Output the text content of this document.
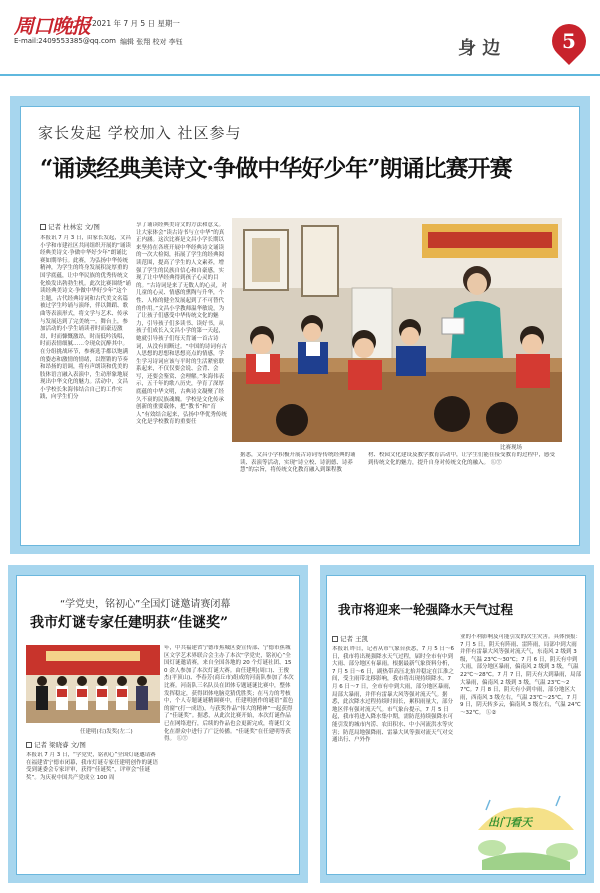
周口晚报 2021 年 7 月 5 日 星期一
E-mail:2409553385@qq.com 编辑 张翔 校对 李钰	身 边	5
家长发起 学校加入 社区参与
“诵读经典美诗文·争做中华好少年”朗诵比赛开赛
记者 杜林宏 文/图
本报讯 7 月 3 日，由家长发起，文昌小学和市建社区共同组织开展的“诵读经典美诗文·争做中华好少年”朗诵比赛如期举行。此赛，为弘扬中华传统精神，为学生的终身发展积淀厚重的国学底蕴，让中华民族的优秀传统文化焕发出勃勃生机。此次比赛围绕“诵读经典美诗文·争做中华好少年”这个主题，古代经典诗词和古代美文名篇被过学生吟诵与演绎，伴以舞蹈、歌曲等表演形式，将文学与艺术、传承与发展达到了完美统一。舞台上，参加活动的小学生诵读者时而豪迈激昂，时而慷慨激昂，时而低吟浅唱，时而表情细腻……令现众沉醉其中。在分组挑战环节，参赛选手都以饱满的姿态和激情的情绪，以铿锵的节奏和昂扬的语调，将有声朗读和优美的肢体语言融入表演中，生动形象地展现出中华文化的魅力。活动中，文昌小学校长朱海伟结合自己的工作实践，向学生们分
享了诵读经典美诗文的方法和意义。让大家体会“读古诗书与立中华”的真正内涵。这次比赛是文昌小学长期以来坚持在各班开展中华经典诗文诵读的一次大检阅，拓展了学生的经典阅读范围，提高了学生的人文素养，增强了学生的民族自信心和自豪感，实现了让中华经典得到孩子心灵的目的。“古诗词是来了无数人的心灵，对儿童的心灵、情感的熏陶与升华，个性、人格的健全发展起到了不可替代的作用。”文昌小学教师温华敏说，为了让孩子们感受中华传统文化的魅力，引导孩子们多读书、读好书，从孩子们成长入文昌小学的第一天起，她就引导孩子们每天背诵一首古诗词，从没有间断过。“中国的诗词有古人思想的思想和思想亮点的情感，学生学习诗词应该与平时的生活紧密联系起来，不仅仅要会说、会背、会写，还要会鉴赏、会理解。”朱海伟表示，五千年的歌八历史，孕育了深厚底蕴的中华文明，古典诗文凝聚了经久不衰的民族魂魄。学校是文化传承创新的重要载体，把“教书”和“育人”有效结合起来，弘扬中华优秀传统文化是学校教育的重要任
比赛现场
据悉，文昌小学积极开展古诗词等传统经典的诵读、表演等活动，实现“诗立校、诗润德、诗养慧”的宗旨，将传统文化教育融入到课程教
材、校园文化建设及教学教育活动中，让学生们能在接受教育的过程中，感受到传统文化的魅力，提升自身对传统文化的融入。 ⓁⓉ
“学党史，铭初心”全国灯谜邀请赛闭幕
我市灯谜专家任建明获“佳谜奖”
任建明(右)发奖(左二)
记者 梁晓睿 文/图
本报讯 7 月 3 日，“学党史，铭初心”全国灯谜邀请赛在福建省宁德市闭幕，我市灯谜专家任建明创作的谜语受到谜委会专家评审，获得“佳谜奖”，评审会“佳谜奖”。为庆祝中国共产党成立 100 周
年，中共福建省宁德市蕉城区委宣传部、宁德市蕉城区文学艺术界联合会主办了本次“学党史，铭初心”全国灯谜邀请赛，来自全国各地的 20 个灯谜社团、150 余人参加了本次灯谜大赛。由任建明(周口)、王俊杰(平顶山)、李春芳(商丘市)组成的河南队参加了本次比赛。河南队三名队员在团体专题谜谜比赛中，整体发挥稳定，获得团体电脑竞猜优胜奖；在马力的考核中，个人专题谜谜精调赛中，任建明创作的谜语“蓝色的窗”(打一成语)，与获奖作品“伟大的精神”一起获得了“佳谜奖”。据悉，从此次比赛开始，本次灯谜作品已在网络进行，后续的作品也会更新完成，将谜灯文化在群众中进行了广泛传播。“佳谜奖”在任建明等获得。 ⓁⓉ
我市将迎来一轮强降水天气过程
记者 王凯
本报讯 昨日，记者从市气象台获悉，7 月 5 日～6 日，我市将出现强降水天气过程，届时全市有中到大雨、部分地区有暴雨。根据最新气象资料分析，7 月 5 日～6 日，副热带高压北抬并稳定在江淮之间，受主雨带北移影响，我市将出现持续降水。7 月 6 日～7 日，全市有中到大雨，部分地区暴雨，局部大暴雨，并伴有雷暴大风等强对流天气。据悉，此次降水过程持续时间长，累积雨量大，部分地区伴有强对流天气。市气象台提示，7 月 5 日起，我市将进入降水集中期，需防范持续强降水可能引发的城市内涝、农田积水、中小河流洪水等灾害；防范局地强降雨、雷暴大风等强对流天气对交通出行、户外作
业的不利影响及可能引发的次生灾害。具体预报：7 月 5 日，阴天有阵雨、雷阵雨，局部中到大雨并伴有雷暴大风等强对流天气，东南风 2 级到 3 级，气温 23℃～30℃；7 月 6 日，阴天有中到大雨，部分地区暴雨，偏南风 2 级到 3 级，气温 22℃～28℃。7 月 7 日，阴天有大到暴雨，局部大暴雨，偏南风 2 级到 3 级，气温 23℃～27℃。7 月 8 日，阴天有小到中雨，部分地区大雨，西南风 3 级左右，气温 23℃～25℃。7 月 9 日，阴天转多云，偏南风 3 级左右，气温 24℃～32℃。 Ⓛ②
出门看天
